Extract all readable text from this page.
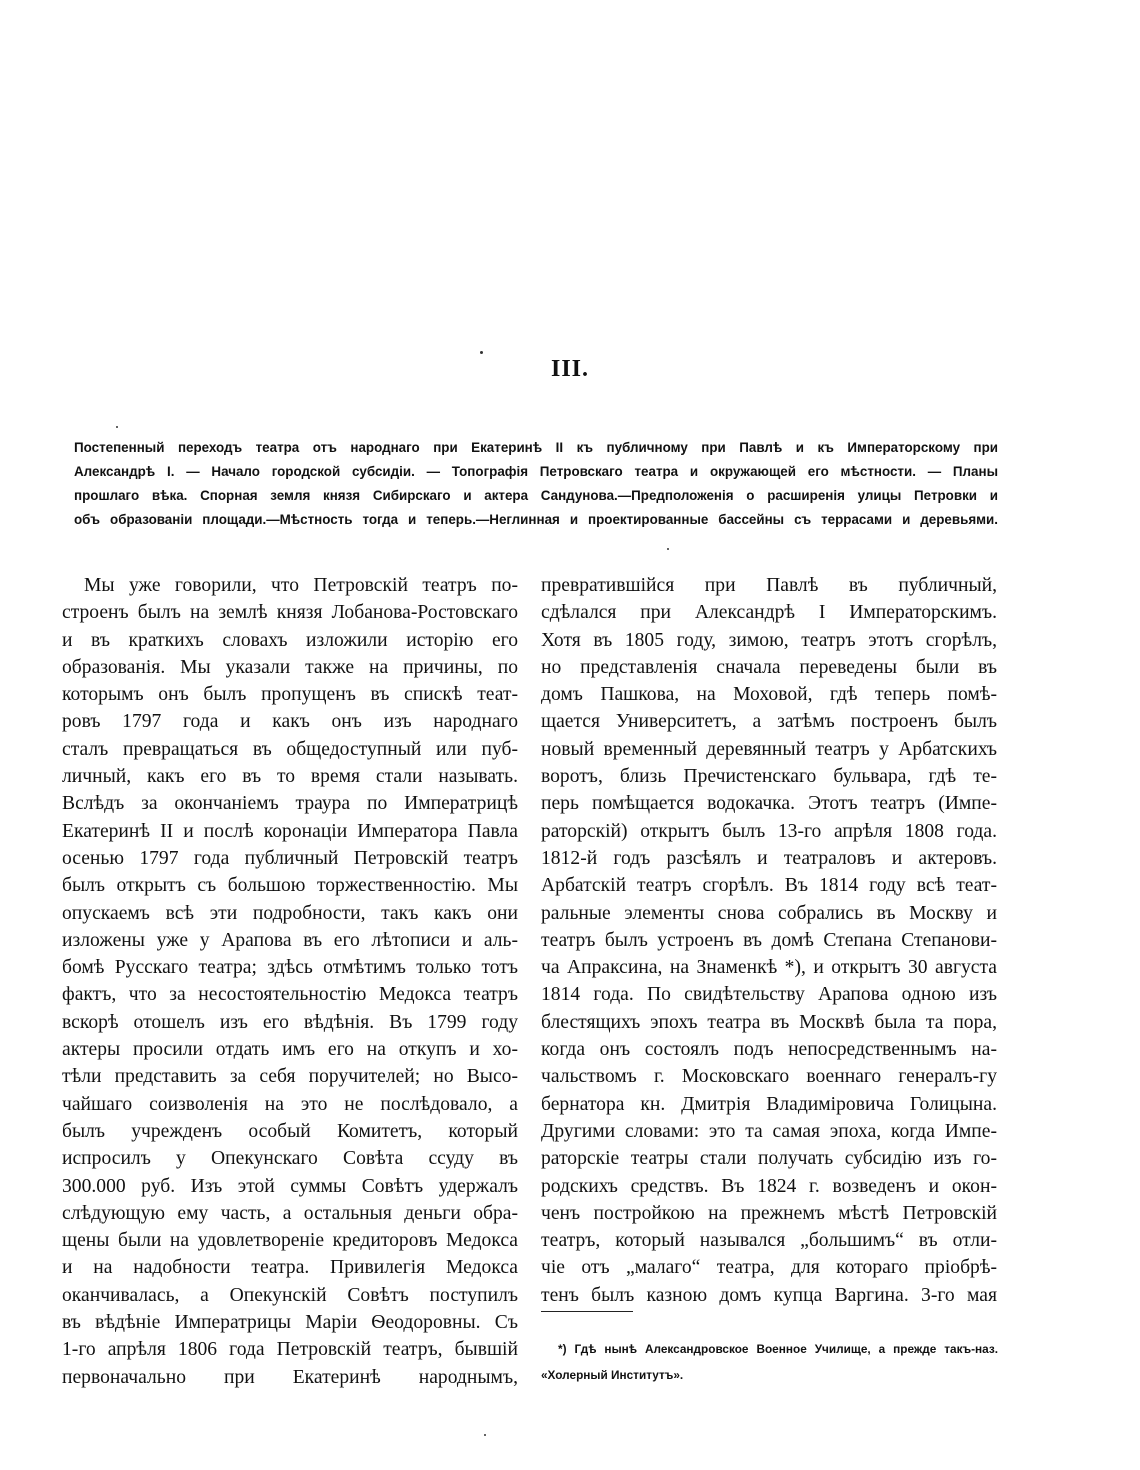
III.
Постепенный переходъ театра отъ народнаго при Екатеринѣ II къ публичному при Павлѣ и къ Императорскому при
Александрѣ I. — Начало городской субсидіи. — Топографія Петровскаго театра и окружающей его мѣстности. — Планы
прошлаго вѣка. Спорная земля князя Сибирскаго и актера Сандунова.—Предположенія о расширенія улицы Петровки и
объ образованіи площади.—Мѣстность тогда и теперь.—Неглинная и проектированные бассейны съ террасами и деревьями.
Мы уже говорили, что Петровскій театръ по-
строенъ былъ на землѣ князя Лобанова-Ростовскаго
и въ краткихъ словахъ изложили исторію его
образованія. Мы указали также на причины, по
которымъ онъ былъ пропущенъ въ спискѣ теат-
ровъ 1797 года и какъ онъ изъ народнаго
сталъ превращаться въ общедоступный или пуб-
личный, какъ его въ то время стали называть.
Вслѣдъ за окончаніемъ траура по Императрицѣ
Екатеринѣ II и послѣ коронаціи Императора Павла
осенью 1797 года публичный Петровскій театръ
былъ открытъ съ большою торжественностію. Мы
опускаемъ всѣ эти подробности, такъ какъ они
изложены уже у Арапова въ его лѣтописи и аль-
бомѣ Русскаго театра; здѣсь отмѣтимъ только тотъ
фактъ, что за несостоятельностію Медокса театръ
вскорѣ отошелъ изъ его вѣдѣнія. Въ 1799 году
актеры просили отдать имъ его на откупъ и хо-
тѣли представить за себя поручителей; но Высо-
чайшаго соизволенія на это не послѣдовало, а
былъ учрежденъ особый Комитетъ, который
испросилъ у Опекунскаго Совѣта ссуду въ
300.000 руб. Изъ этой суммы Совѣтъ удержалъ
слѣдующую ему часть, а остальныя деньги обра-
щены были на удовлетвореніе кредиторовъ Медокса
и на надобности театра. Привилегія Медокса
оканчивалась, а Опекунскій Совѣтъ поступилъ
въ вѣдѣніе Императрицы Маріи Ѳеодоровны. Съ
1-го апрѣля 1806 года Петровскій театръ, бывшій
первоначально при Екатеринѣ народнымъ,
превратившійся при Павлѣ въ публичный,
сдѣлался при Александрѣ I Императорскимъ.
Хотя въ 1805 году, зимою, театръ этотъ сгорѣлъ,
но представленія сначала переведены были въ
домъ Пашкова, на Моховой, гдѣ теперь помѣ-
щается Университетъ, а затѣмъ построенъ былъ
новый временный деревянный театръ у Арбатскихъ
воротъ, близь Пречистенскаго бульвара, гдѣ те-
перь помѣщается водокачка. Этотъ театръ (Импе-
раторскій) открытъ былъ 13-го апрѣля 1808 года.
1812-й годъ разсѣялъ и театраловъ и актеровъ.
Арбатскій театръ сгорѣлъ. Въ 1814 году всѣ теат-
ральные элементы снова собрались въ Москву и
театръ былъ устроенъ въ домѣ Степана Степанови-
ча Апраксина, на Знаменкѣ *), и открытъ 30 августа
1814 года. По свидѣтельству Арапова одною изъ
блестящихъ эпохъ театра въ Москвѣ была та пора,
когда онъ состоялъ подъ непосредственнымъ на-
чальствомъ г. Московскаго военнаго генералъ-гу
бернатора кн. Дмитрія Владиміровича Голицына.
Другими словами: это та самая эпоха, когда Импе-
раторскіе театры стали получать субсидію изъ го-
родскихъ средствъ. Въ 1824 г. возведенъ и окон-
ченъ постройкою на прежнемъ мѣстѣ Петровскій
театръ, который назывался „большимъ“ въ отли-
чіе отъ „малаго“ театра, для котораго пріобрѣ-
тенъ былъ казною домъ купца Варгина. 3-го мая
*) Гдѣ нынѣ Александровское Военное Училище, а прежде такъ-наз.
«Холерный Институтъ».
